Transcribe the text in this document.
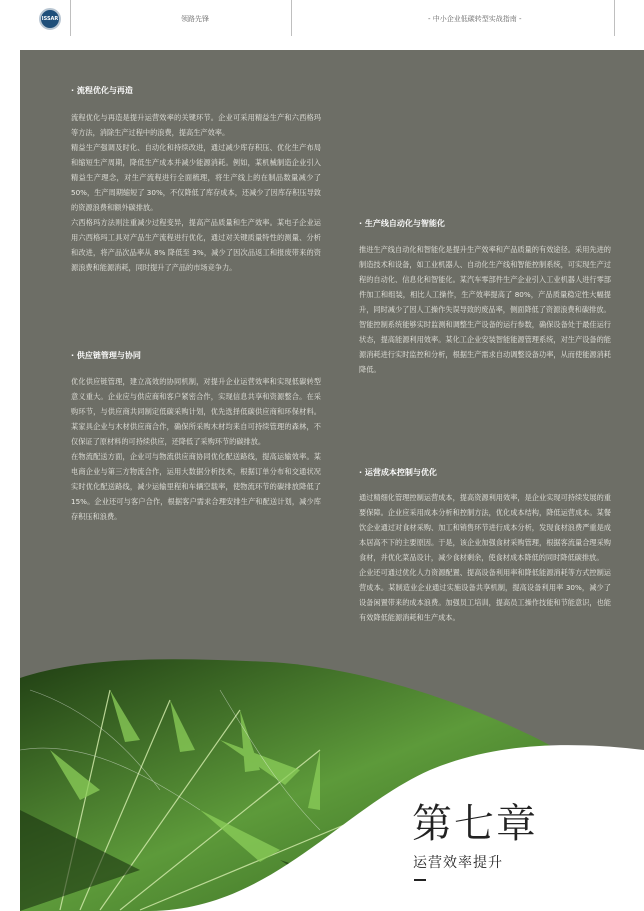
ISSAR	领路先锋	- 中小企业低碳转型实战指南 -
· 流程优化与再造

流程优化与再造是提升运营效率的关键环节。企业可采用精益生产和六西格玛等方法，消除生产过程中的浪费，提高生产效率。

精益生产强调及时化、自动化和持续改进，通过减少库存积压、优化生产布局和缩短生产周期，降低生产成本并减少能源消耗。例如，某机械制造企业引入精益生产理念，对生产流程进行全面梳理，将生产线上的在制品数量减少了 50%，生产周期缩短了 30%，不仅降低了库存成本，还减少了因库存积压导致的资源浪费和额外碳排放。

六西格玛方法则注重减少过程变异，提高产品质量和生产效率。某电子企业运用六西格玛工具对产品生产流程进行优化，通过对关键质量特性的测量、分析和改进，将产品次品率从 8% 降低至 3%，减少了因次品返工和报废带来的资源浪费和能源消耗，同时提升了产品的市场竞争力。

· 供应链管理与协同

优化供应链管理，建立高效的协同机制，对提升企业运营效率和实现低碳转型意义重大。企业应与供应商和客户紧密合作，实现信息共享和资源整合。在采购环节，与供应商共同制定低碳采购计划，优先选择低碳供应商和环保材料。某家具企业与木材供应商合作，确保所采购木材均来自可持续管理的森林，不仅保证了原材料的可持续供应，还降低了采购环节的碳排放。

在物流配送方面，企业可与物流供应商协同优化配送路线，提高运输效率。某电商企业与第三方物流合作，运用大数据分析技术，根据订单分布和交通状况实时优化配送路线，减少运输里程和车辆空载率，使物流环节的碳排放降低了 15%。企业还可与客户合作，根据客户需求合理安排生产和配送计划，减少库存积压和浪费。

· 生产线自动化与智能化

推进生产线自动化和智能化是提升生产效率和产品质量的有效途径。采用先进的制造技术和设备，如工业机器人、自动化生产线和智能控制系统，可实现生产过程的自动化、信息化和智能化。某汽车零部件生产企业引入工业机器人进行零部件加工和组装，相比人工操作，生产效率提高了 80%，产品质量稳定性大幅提升，同时减少了因人工操作失误导致的废品率，侧面降低了资源浪费和碳排放。

智能控制系统能够实时监测和调整生产设备的运行参数，确保设备处于最佳运行状态，提高能源利用效率。某化工企业安装智能能源管理系统，对生产设备的能源消耗进行实时监控和分析，根据生产需求自动调整设备功率，从而使能源消耗降低。

· 运营成本控制与优化

通过精细化管理控制运营成本，提高资源利用效率，是企业实现可持续发展的重要保障。企业应采用成本分析和控制方法，优化成本结构，降低运营成本。某餐饮企业通过对食材采购、加工和销售环节进行成本分析，发现食材浪费严重是成本居高不下的主要原因。于是，该企业加强食材采购管理，根据客流量合理采购食材，并优化菜品设计，减少食材剩余，使食材成本降低的同时降低碳排放。

企业还可通过优化人力资源配置、提高设备利用率和降低能源消耗等方式控制运营成本。某制造业企业通过实施设备共享机制，提高设备利用率 30%，减少了设备闲置带来的成本浪费。加强员工培训，提高员工操作技能和节能意识，也能有效降低能源消耗和生产成本。

第七章
运营效率提升
